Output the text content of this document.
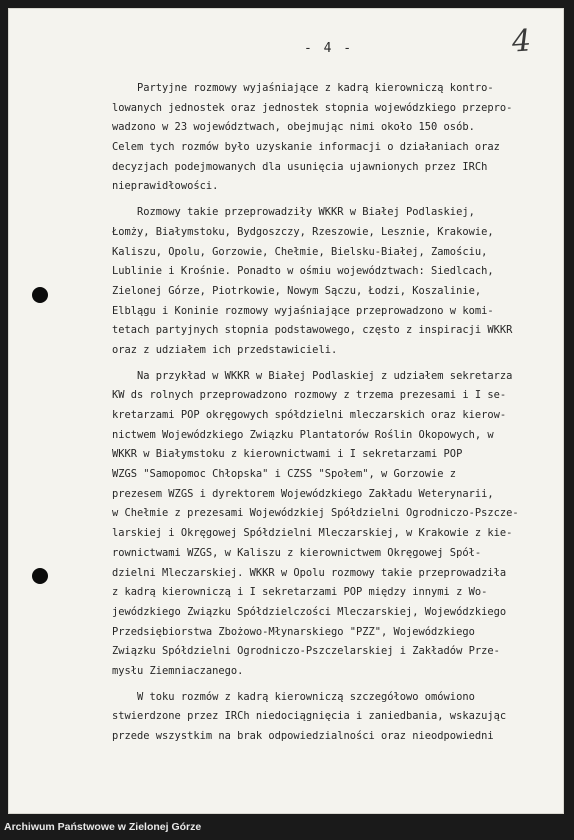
- 4 -	4
Partyjne rozmowy wyjaśniające z kadrą kierowniczą kontro-
lowanych jednostek oraz jednostek stopnia wojewódzkiego przepro-
wadzono w 23 województwach, obejmując nimi około 150 osób.
Celem tych rozmów było uzyskanie informacji o działaniach oraz
decyzjach podejmowanych dla usunięcia ujawnionych przez IRCh
nieprawidłowości.
Rozmowy takie przeprowadziły WKKR w Białej Podlaskiej,
Łomży, Białymstoku, Bydgoszczy, Rzeszowie, Lesznie, Krakowie,
Kaliszu, Opolu, Gorzowie, Chełmie, Bielsku-Białej, Zamościu,
Lublinie i Krośnie. Ponadto w ośmiu województwach: Siedlcach,
Zielonej Górze, Piotrkowie, Nowym Sączu, Łodzi, Koszalinie,
Elblągu i Koninie rozmowy wyjaśniające przeprowadzono w komi-
tetach partyjnych stopnia podstawowego, często z inspiracji WKKR
oraz z udziałem ich przedstawicieli.
Na przykład w WKKR w Białej Podlaskiej z udziałem sekretarza
KW ds rolnych przeprowadzono rozmowy z trzema prezesami i I se-
kretarzami POP okręgowych spółdzielni mleczarskich oraz kierow-
nictwem Wojewódzkiego Związku Plantatorów Roślin Okopowych, w
WKKR w Białymstoku z kierownictwami i I sekretarzami POP
WZGS "Samopomoc Chłopska" i CZSS "Społem", w Gorzowie z
prezesem WZGS i dyrektorem Wojewódzkiego Zakładu Weterynarii,
w Chełmie z prezesami Wojewódzkiej Spółdzielni Ogrodniczo-Pszcze-
larskiej i Okręgowej Spółdzielni Mleczarskiej, w Krakowie z kie-
rownictwami WZGS, w Kaliszu z kierownictwem Okręgowej Spół-
dzielni Mleczarskiej. WKKR w Opolu rozmowy takie przeprowadziła
z kadrą kierowniczą i I sekretarzami POP między innymi z Wo-
jewódzkiego Związku Spółdzielczości Mleczarskiej, Wojewódzkiego
Przedsiębiorstwa Zbożowo-Młynarskiego "PZZ", Wojewódzkiego
Związku Spółdzielni Ogrodniczo-Pszczelarskiej i Zakładów Prze-
mysłu Ziemniaczanego.
W toku rozmów z kadrą kierowniczą szczegółowo omówiono
stwierdzone przez IRCh niedociągnięcia i zaniedbania, wskazując
przede wszystkim na brak odpowiedzialności oraz nieodpowiedni
Archiwum Państwowe w Zielonej Górze
